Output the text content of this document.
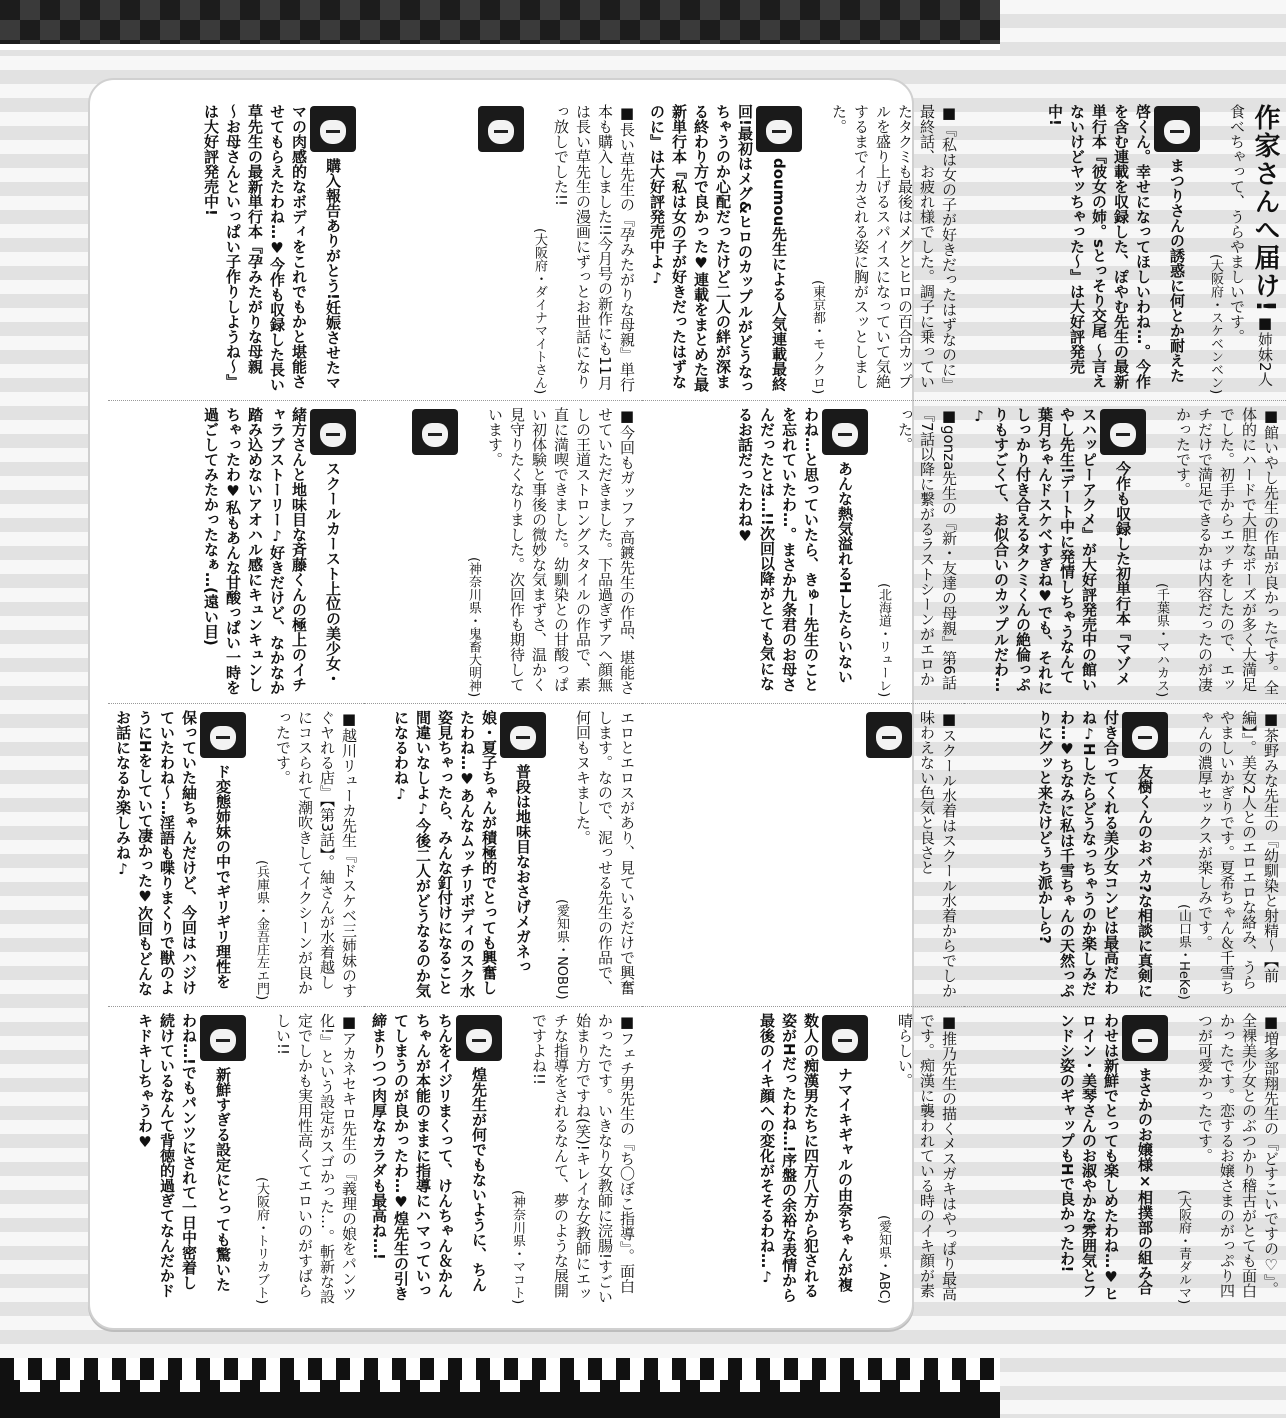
作家さんへ届け!■姉妹2人食べちゃって、うらやましいです。
(大阪府・スケベンベン)
まつりさんの誘惑に何とか耐えた啓くん。幸せになってほしいわね…。今作を含む連載を収録した、ぽやむ先生の最新単行本『彼女の姉。sとっそり交尾 ～言えないけどヤッちゃった～』は大好評発売中!
■『私は女の子が好きだったはずなのに』最終話、お疲れ様でした。調子に乗っていたタクミも最後はメグとヒロの百合カップルを盛り上げるスパイスになっていて気絶するまでイカされる姿に胸がスッとしました。
(東京都・モノクロ)
doumou先生による人気連載最終回!最初はメグ&ヒロのカップルがどうなっちゃうのか心配だったけど二人の絆が深まる終わり方で良かった♥連載をまとめた最新単行本『私は女の子が好きだったはずなのに』は大好評発売中よ♪
■長い草先生の『孕みたがりな母親』単行本も購入しました!!今月号の新作にも11月は長い草先生の漫画にずっとお世話になりっ放しでした!!
(大阪府・ダイナマイトさん)
購入報告ありがとう!妊娠させたママの肉感的なボディをこれでもかと堪能させてもらえたわね…♥今作も収録した長い草先生の最新単行本『孕みたがりな母親 ～お母さんといっぱい子作りしようね～』は大好評発売中!
■館いやし先生の作品が良かったです。全体的にハードで大胆なポーズが多く大満足でした。初手からエッチをしたので、エッチだけで満足できるかは内容だったのが凄かったです。
(千葉県・マハカス)
今作も収録した初単行本『マゾメスハッピーアクメ』が大好評発売中の館いやし先生!デート中に発情しちゃうなんて葉月ちゃんドスケベすぎね♥でも、それにしっかり付き合えるタクミくんの絶倫っぷりもすごくて、お似合いのカップルだわ…♪
■gonza先生の『新・友達の母親』第6話『7話以降に繋がるラストシーンがエロかった。
(北海道・リューレ)
あんな熱気溢れるHしたらいないわね…と思っていたら、きゅー先生のことを忘れていたわ…。まさか九条君のお母さんだったとは…!!次回以降がとても気になるお話だったわね♥
■今回もガッファ高鍍先生の作品、堪能させていただきました。下品過ぎずアヘ顔無しの王道ストロングスタイルの作品で、素直に満喫できました。幼馴染との甘酸っぱい初体験と事後の微妙な気まずさ、温かく見守りたくなりました。次回作も期待しています。
(神奈川県・鬼畜大明神)
スクールカースト上位の美少女・緒方さんと地味目な斉藤くんの極上のイチャラブストーリー♪好きだけど、なかなか踏み込めないアオハル感にキュンキュンしちゃったわ♥私もあんな甘酸っぱい一時を過ごしてみたかったなぁ…(遠い目)
■茶野みな先生の『幼馴染と射精～【前編】』。美女2人とのエロエロな絡み、うらやましいかぎりです。夏希ちゃん＆千雪ちゃんの濃厚セックスが楽しみです。
(山口県・HeKe)
友樹くんのおバカ?な相談に真剣に付き合ってくれる美少女コンビは最高だわね♪Hしたらどうなっちゃうのか楽しみだわ…♥ちなみに私は千雪ちゃんの天然っぷりにグッと来たけどぅち派かしら?
■スクール水着はスクール水着からでしか味わえない色気と良さと
エロとエロスがあり、見ているだけで興奮します。なので、泥っせる先生の作品で、何回もヌキました。
(愛知県・NOBU)
普段は地味目なおさげメガネっ娘・夏子ちゃんが積極的でとっても興奮したわね…♥あんなムッチリボディのスク水姿見ちゃったら、みんな釘付けになること間違いなしよ♪今後二人がどうなるのか気になるわね♪
■越川リューカ先生『ドスケベ三姉妹のすぐヤれる店』【第3話】。紬さんが水着越しにコスられて潮吹きしてイクシーンが良かったです。
(兵庫県・金吾庄左エ門)
ド変態姉妹の中でギリギリ理性を保っていた紬ちゃんだけど、今回はハジけていたわね～…淫語も喋りまくりで獣のようにHをしていて凄かった♥次回もどんなお話になるか楽しみね♪
■増多部翔先生の『どすこいですの♡』。全裸美少女とのぶつかり稽古がとても面白かったです。恋するお嬢さまのがっぷり四つが可愛かったです。
(大阪府・青ダルマ)
まさかのお嬢様×相撲部の組み合わせは新鮮でとっても楽しめたわね…♥ヒロイン・美琴さんのお淑やかな雰囲気とフンドシ姿のギャップもHで良かったわ!
■推乃先生の描くメスガキはやっぱり最高です。痴漢に襲われている時のイキ顔が素晴らしい。
(愛知県・ABC)
ナマイキギャルの由奈ちゃんが複数人の痴漢男たちに四方八方から犯される姿がHだったわね…!序盤の余裕な表情から最後のイキ顔への変化がそそるわね…♪
■フェチ男先生の『ち〇ぼこ指導』。面白かったです。いきなり女教師に浣腸!すごい始まり方ですね(笑)!キレイな女教師にエッチな指導をされるなんて、夢のような展開ですよね!!
(神奈川県・マコト)
煌先生が何でもないように、ちんちんをイジリまくって、けんちゃん＆かんちゃんが本能のままに指導にハマっていってしまうのが良かったわ…♥煌先生の引き締まりつつ肉厚なカラダも最高ね…!
■アカネセキロ先生の『義理の娘をパンツ化!』という設定がスゴかった…。斬新な設定でしかも実用性高くてエロいのがすばらしい!!
(大阪府・トリカブト)
新鮮すぎる設定にとっても驚いたわね…!でもパンツにされて一日中密着し続けているなんて背徳的過ぎてなんだかドキドキしちゃうわ♥
